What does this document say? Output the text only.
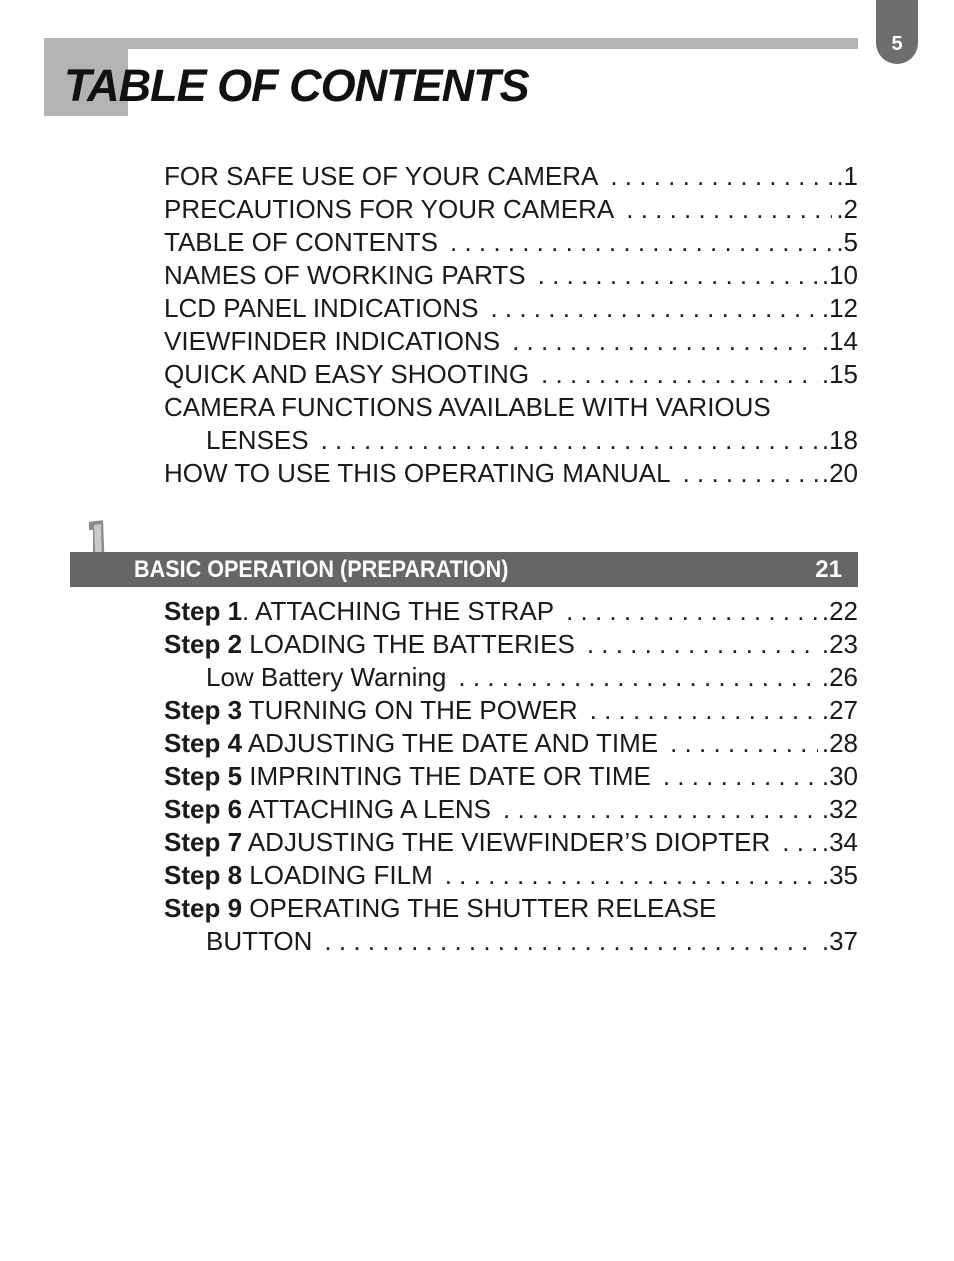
5
TABLE OF CONTENTS
FOR SAFE USE OF YOUR CAMERA . . .	.1
PRECAUTIONS FOR YOUR CAMERA . . .	.2
TABLE OF CONTENTS . . .	.5
NAMES OF WORKING PARTS . . .	.10
LCD PANEL INDICATIONS . . .	.12
VIEWFINDER INDICATIONS . . .	.14
QUICK AND EASY SHOOTING . . .	.15
CAMERA FUNCTIONS AVAILABLE WITH VARIOUS
LENSES . . .	.18
HOW TO USE THIS OPERATING MANUAL . . .	.20
BASIC OPERATION (PREPARATION)	21
Step 1. ATTACHING THE STRAP . . .	.22
Step 2 LOADING THE BATTERIES . . .	.23
Low Battery Warning . . .	.26
Step 3 TURNING ON THE POWER . . .	.27
Step 4 ADJUSTING THE DATE AND TIME . . .	.28
Step 5 IMPRINTING THE DATE OR TIME . . .	.30
Step 6 ATTACHING A LENS . . .	.32
Step 7 ADJUSTING THE VIEWFINDER’S DIOPTER . . . .34
Step 8 LOADING FILM . . .	.35
Step 9 OPERATING THE SHUTTER RELEASE
BUTTON . . .	.37
